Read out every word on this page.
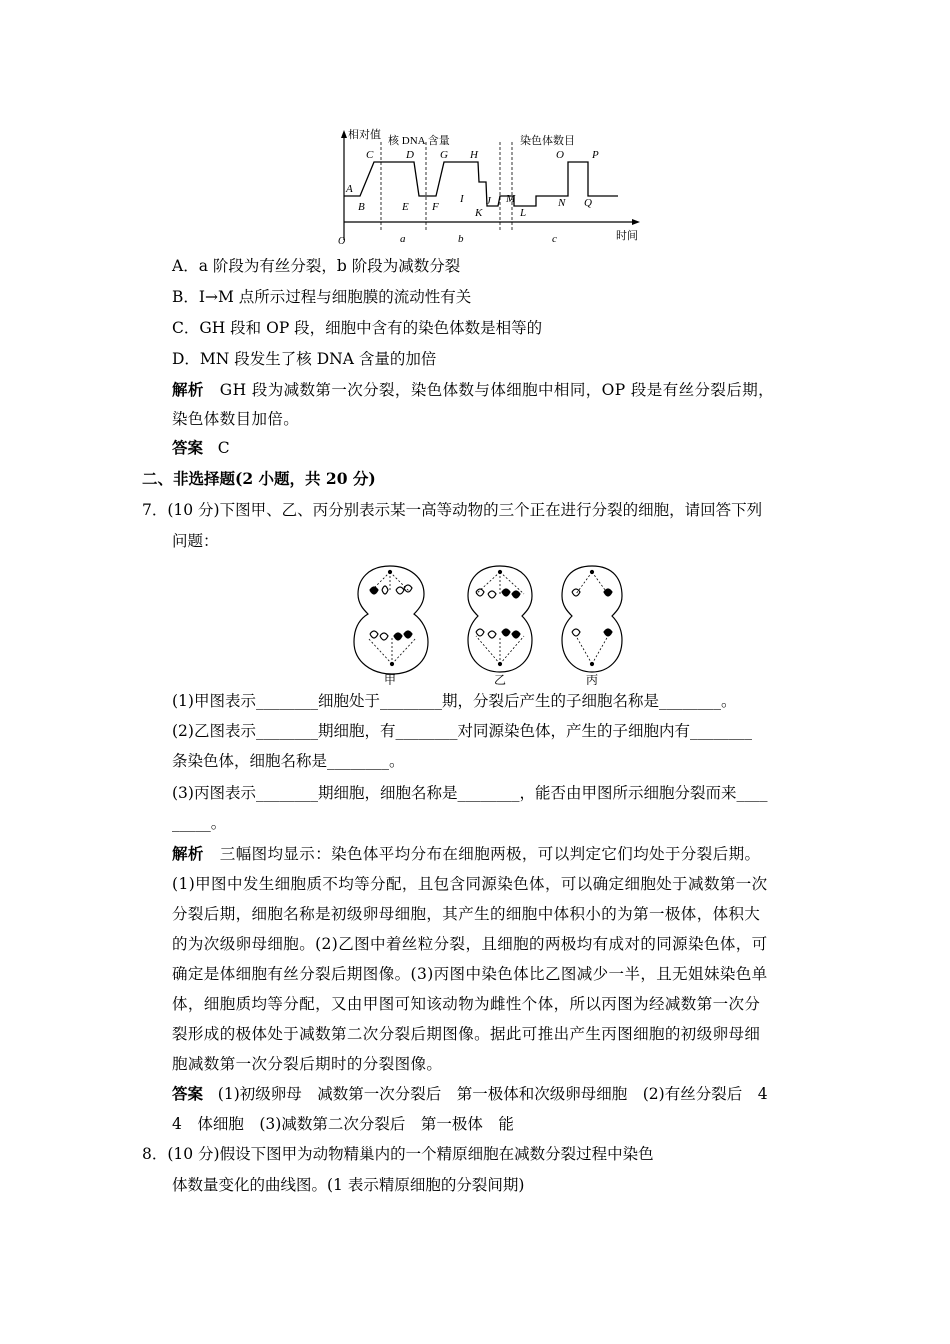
相对值 核 DNA 含量	染色体数目
时间
O
A
B
C	D
E F
G H
I J
K	L
M	N
O	P
Q
a	b	c
A．a 阶段为有丝分裂，b 阶段为减数分裂
B．I→M 点所示过程与细胞膜的流动性有关
C．GH 段和 OP 段，细胞中含有的染色体数是相等的
D．MN 段发生了核 DNA 含量的加倍
解析 GH 段为减数第一次分裂，染色体数与体细胞中相同，OP 段是有丝分裂后期，
染色体数目加倍。
答案 C
二、非选择题(2 小题，共 20 分)
7．(10 分)下图甲、乙、丙分别表示某一高等动物的三个正在进行分裂的细胞，请回答下列
问题：
甲	乙	丙
(1)甲图表示________细胞处于________期，分裂后产生的子细胞名称是________。
(2)乙图表示________期细胞，有________对同源染色体，产生的子细胞内有________
条染色体，细胞名称是________。
(3)丙图表示________期细胞，细胞名称是________，能否由甲图所示细胞分裂而来____
_____。
解析 三幅图均显示：染色体平均分布在细胞两极，可以判定它们均处于分裂后期。
(1)甲图中发生细胞质不均等分配，且包含同源染色体，可以确定细胞处于减数第一次
分裂后期，细胞名称是初级卵母细胞，其产生的细胞中体积小的为第一极体，体积大
的为次级卵母细胞。(2)乙图中着丝粒分裂，且细胞的两极均有成对的同源染色体，可
确定是体细胞有丝分裂后期图像。(3)丙图中染色体比乙图减少一半，且无姐妹染色单
体，细胞质均等分配，又由甲图可知该动物为雌性个体，所以丙图为经减数第一次分
裂形成的极体处于减数第二次分裂后期图像。据此可推出产生丙图细胞的初级卵母细
胞减数第一次分裂后期时的分裂图像。
答案 (1)初级卵母　减数第一次分裂后　第一极体和次级卵母细胞　(2)有丝分裂后　4
4　体细胞　(3)减数第二次分裂后　第一极体　能
8．(10 分)假设下图甲为动物精巢内的一个精原细胞在减数分裂过程中染色
体数量变化的曲线图。(1 表示精原细胞的分裂间期)
